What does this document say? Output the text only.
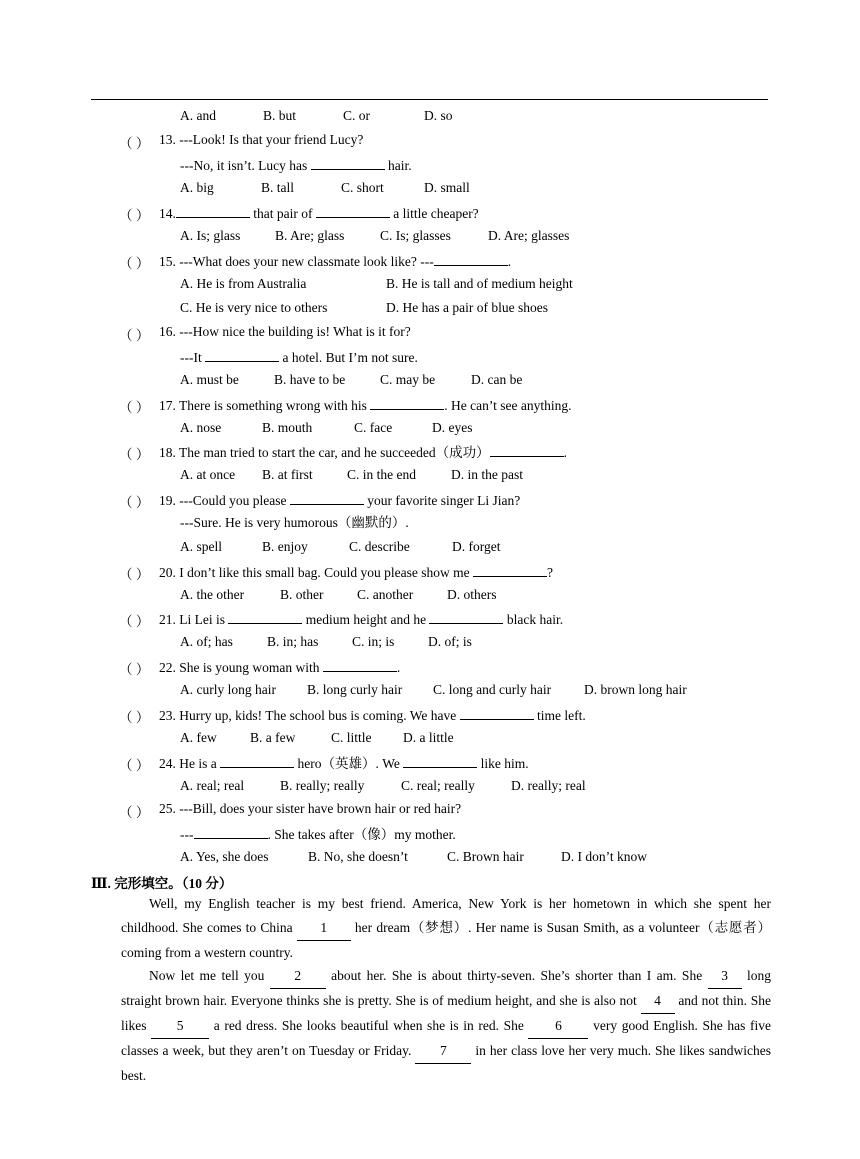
A. and	B. but	C. or	D. so
（ ） 13. ---Look! Is that your friend Lucy?
---No, it isn’t. Lucy has	hair.
A. big	B. tall	C. short	D. small
（ ） 14.	that pair of	a little cheaper?
A. Is; glass	B. Are; glass	C. Is; glasses	D. Are; glasses
（ ） 15. ---What does your new classmate look like? ---	.
A. He is from Australia	B. He is tall and of medium height
C. He is very nice to others	D. He has a pair of blue shoes
（ ） 16. ---How nice the building is! What is it for?
---It	a hotel. But I’m not sure.
A. must be	B. have to be	C. may be	D. can be
（ ） 17. There is something wrong with his	. He can’t see anything.
A. nose	B. mouth	C. face	D. eyes
（ ） 18. The man tried to start the car, and he succeeded（成功）	.
A. at once B. at first	C. in the end	D. in the past
（ ） 19. ---Could you please	your favorite singer Li Jian?
---Sure. He is very humorous（幽默的）.
A. spell	B. enjoy	C. describe	D. forget
（ ） 20. I don’t like this small bag. Could you please show me	?
A. the other	B. other C. another	D. others
（ ） 21. Li Lei is	medium height and he	black hair.
A. of; has	B. in; has C. in; is D. of; is
（ ） 22. She is young woman with	.
A. curly long hair B. long curly hair C. long and curly hair D. brown long hair
（ ） 23. Hurry up, kids! The school bus is coming. We have	time left.
A. few B. a few	C. little D. a little
（ ） 24. He is a	hero（英雄）. We	like him.
A. real; real	B. really; really	C. real; really	D. really; real
（ ） 25. ---Bill, does your sister have brown hair or red hair?
---	. She takes after（像）my mother.
A. Yes, she does	B. No, she doesn’t	C. Brown hair	D. I don’t know
Ⅲ. 完形填空。（10 分）
Well, my English teacher is my best friend. America, New York is her hometown in which she spent her childhood. She comes to China 1 her dream（梦想）. Her name is Susan Smith, as a volunteer（志愿者）coming from a western country.
Now let me tell you 2 about her. She is about thirty-seven. She’s shorter than I am. She 3 long straight brown hair. Everyone thinks she is pretty. She is of medium height, and she is also not 4 and not thin. She likes 5 a red dress. She looks beautiful when she is in red. She 6 very good English. She has five classes a week, but they aren’t on Tuesday or Friday. 7 in her class love her very much. She likes sandwiches best.
